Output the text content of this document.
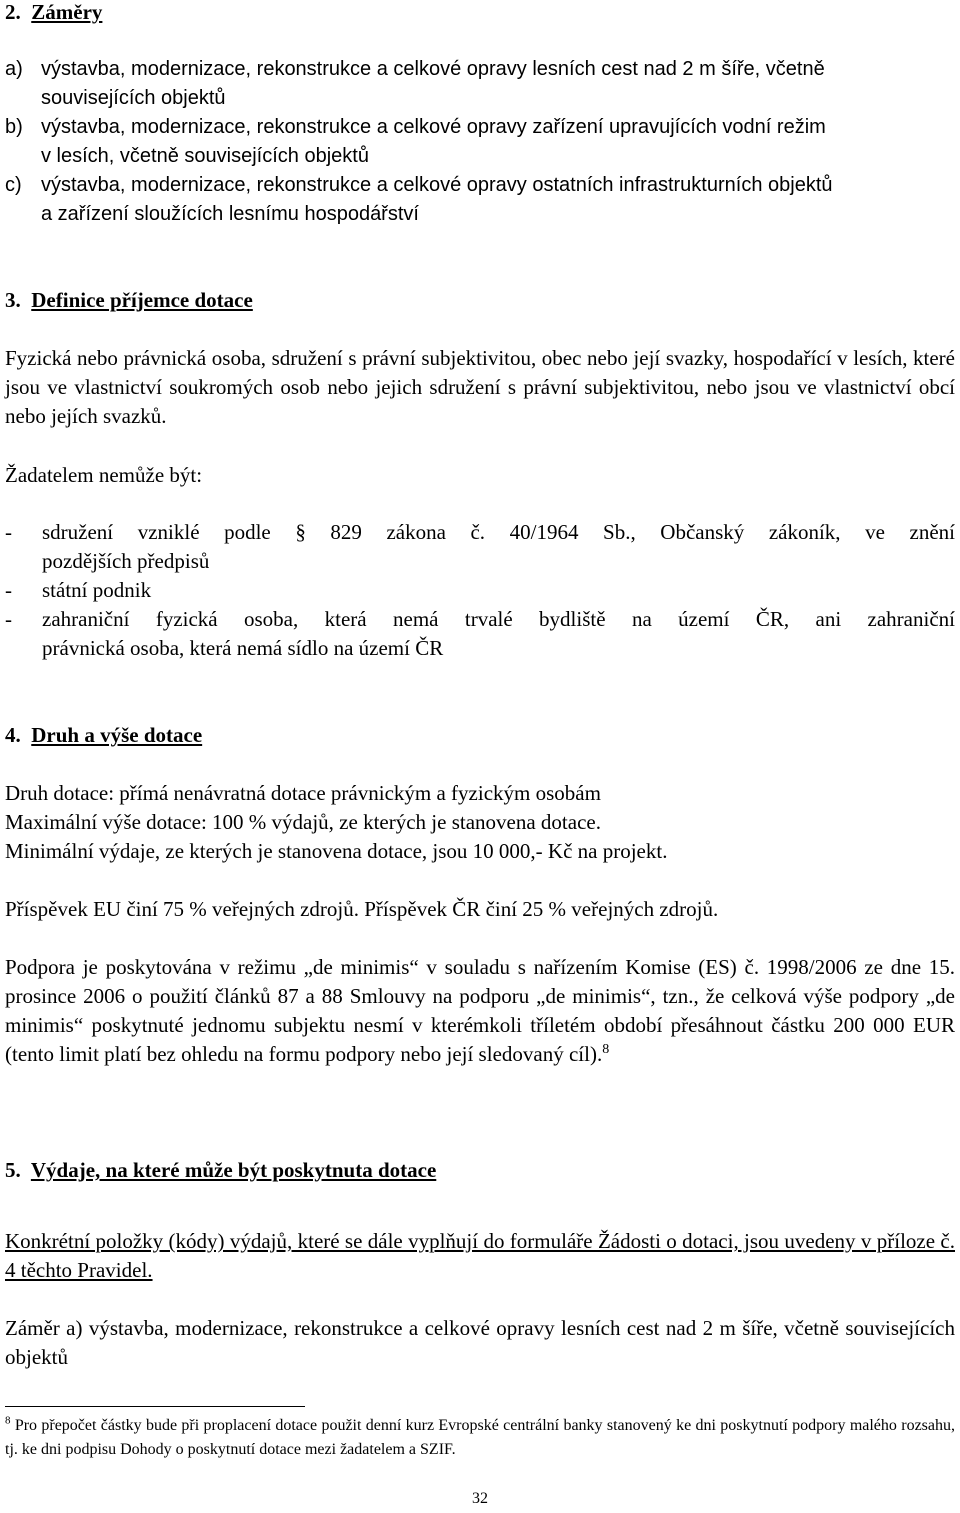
2. Záměry
a) výstavba, modernizace, rekonstrukce a celkové opravy lesních cest nad 2 m šíře, včetně
souvisejících objektů
b) výstavba, modernizace, rekonstrukce a celkové opravy zařízení upravujících vodní režim
v lesích, včetně souvisejících objektů
c) výstavba, modernizace, rekonstrukce a celkové opravy ostatních infrastrukturních objektů
a zařízení sloužících lesnímu hospodářství
3. Definice příjemce dotace

Fyzická nebo právnická osoba, sdružení s právní subjektivitou, obec nebo její svazky, hospodařící v lesích, které jsou ve vlastnictví soukromých osob nebo jejich sdružení s právní subjektivitou, nebo jsou ve vlastnictví obcí nebo jejích svazků.

Žadatelem nemůže být:
- sdružení vzniklé podle § 829 zákona č. 40/1964 Sb., Občanský zákoník, ve znění
pozdějších předpisů
- státní podnik
- zahraniční fyzická osoba, která nemá trvalé bydliště na území ČR, ani zahraniční
právnická osoba, která nemá sídlo na území ČR
4. Druh a výše dotace
Druh dotace: přímá nenávratná dotace právnickým a fyzickým osobám
Maximální výše dotace: 100 % výdajů, ze kterých je stanovena dotace.
Minimální výdaje, ze kterých je stanovena dotace, jsou 10 000,- Kč na projekt.
Příspěvek EU činí 75 % veřejných zdrojů. Příspěvek ČR činí 25 % veřejných zdrojů.

Podpora je poskytována v režimu „de minimis“ v souladu s nařízením Komise (ES) č. 1998/2006 ze dne 15. prosince 2006 o použití článků 87 a 88 Smlouvy na podporu „de minimis“, tzn., že celková výše podpory „de minimis“ poskytnuté jednomu subjektu nesmí v kterémkoli tříletém období přesáhnout částku 200 000 EUR (tento limit platí bez ohledu na formu podpory nebo její sledovaný cíl).$^8$

5. Výdaje, na které může být poskytnuta dotace

Konkrétní položky (kódy) výdajů, které se dále vyplňují do formuláře Žádosti o dotaci, jsou uvedeny v příloze č. 4 těchto Pravidel.

Záměr a) výstavba, modernizace, rekonstrukce a celkové opravy lesních cest nad 2 m šíře, včetně souvisejících objektů

$^8$ Pro přepočet částky bude při proplacení dotace použit denní kurz Evropské centrální banky stanovený ke dni poskytnutí podpory malého rozsahu, tj. ke dni podpisu Dohody o poskytnutí dotace mezi žadatelem a SZIF.
32
